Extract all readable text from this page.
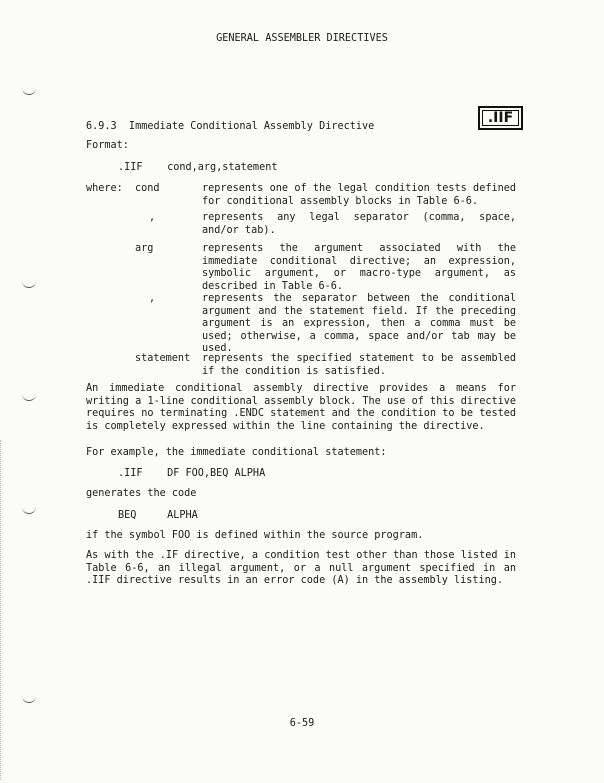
GENERAL ASSEMBLER DIRECTIVES
6.9.3  Immediate Conditional Assembly Directive
.IIF
Format:
.IIF    cond,arg,statement
where: cond	represents one of the legal condition tests defined for conditional assembly blocks in Table 6-6.
,	represents any legal separator (comma, space, and/or tab).
arg	represents the argument associated with the immediate conditional directive; an expression, symbolic argument, or macro-type argument, as described in Table 6-6.
,	represents the separator between the conditional argument and the statement field. If the preceding argument is an expression, then a comma must be used; otherwise, a comma, space and/or tab may be used.
statement	represents the specified statement to be assembled if the condition is satisfied.
An immediate conditional assembly directive provides a means for writing a 1-line conditional assembly block. The use of this directive requires no terminating .ENDC statement and the condition to be tested is completely expressed within the line containing the directive.
For example, the immediate conditional statement:
.IIF    DF FOO,BEQ ALPHA
generates the code
BEQ     ALPHA
if the symbol FOO is defined within the source program.
As with the .IF directive, a condition test other than those listed in Table 6-6, an illegal argument, or a null argument specified in an .IIF directive results in an error code (A) in the assembly listing.
6-59
